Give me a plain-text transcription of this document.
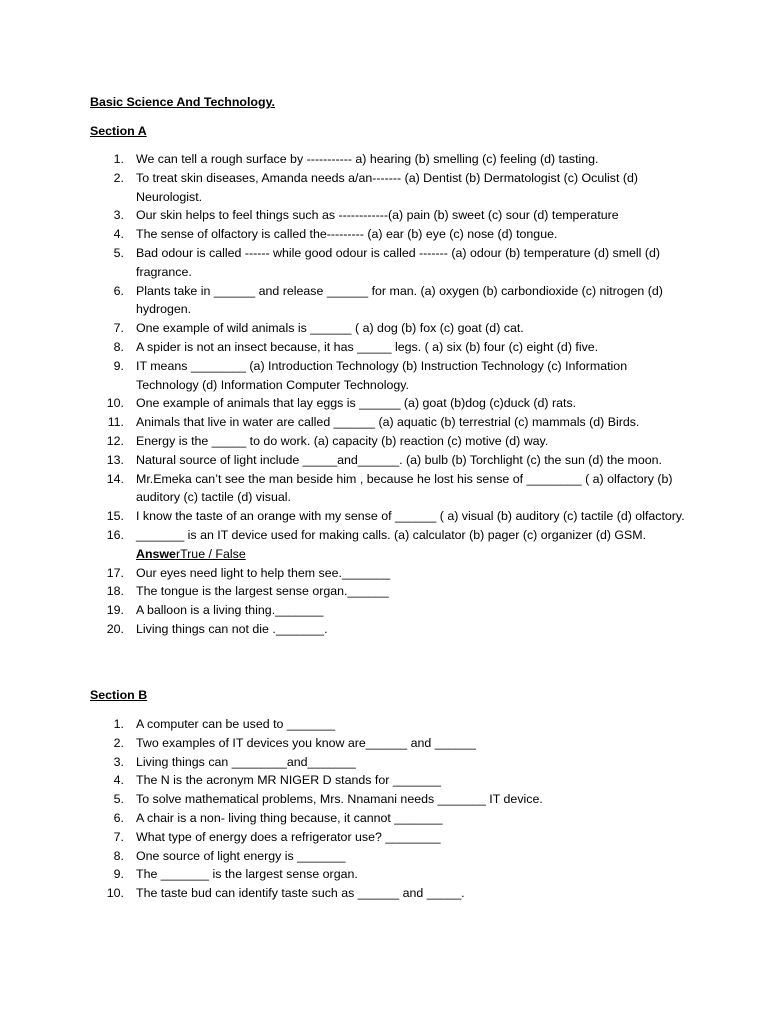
Basic Science And Technology.
Section A
1. We can tell a rough surface by ----------- a) hearing (b) smelling (c) feeling (d) tasting.
2. To treat skin diseases, Amanda needs a/an------- (a) Dentist (b) Dermatologist (c) Oculist (d) Neurologist.
3. Our skin helps to feel things such as ------------(a) pain (b) sweet (c) sour (d) temperature
4. The sense of olfactory is called the--------- (a) ear (b) eye (c) nose (d) tongue.
5. Bad odour is called ------ while good odour is called ------- (a) odour (b) temperature (d) smell (d) fragrance.
6. Plants take in ______ and release ______ for man. (a) oxygen (b) carbondioxide (c) nitrogen (d) hydrogen.
7. One example of wild animals is ______ ( a) dog (b) fox (c) goat (d) cat.
8. A spider is not an insect because, it has _____ legs. ( a) six (b) four (c) eight (d) five.
9. IT means ________ (a) Introduction Technology (b) Instruction Technology (c) Information Technology (d) Information Computer Technology.
10. One example of animals that lay eggs is ______ (a) goat (b)dog (c)duck (d) rats.
11. Animals that live in water are called ______ (a) aquatic (b) terrestrial (c) mammals (d) Birds.
12. Energy is the _____ to do work. (a) capacity (b) reaction (c) motive (d) way.
13. Natural source of light include _____and______. (a) bulb (b) Torchlight (c) the sun (d) the moon.
14. Mr.Emeka can’t see the man beside him , because he lost his sense of ________ ( a) olfactory (b) auditory (c) tactile (d) visual.
15. I know the taste of an orange with my sense of ______ ( a) visual (b) auditory (c) tactile (d) olfactory.
16. _______ is an IT device used for making calls. (a) calculator (b) pager (c) organizer (d) GSM.
AnswerTrue / False
17. Our eyes need light to help them see._______
18. The tongue is the largest sense organ.______
19. A balloon is a living thing._______
20. Living things can not die ._______.
Section B
1. A computer can be used to _______
2. Two examples of IT devices you know are______ and ______
3. Living things can ________and_______
4. The N is the acronym MR NIGER D stands for _______
5. To solve mathematical problems, Mrs. Nnamani needs _______ IT device.
6. A chair is a non- living thing because, it cannot _______
7. What type of energy does a refrigerator use? ________
8. One source of light energy is _______
9. The _______ is the largest sense organ.
10. The taste bud can identify taste such as ______ and _____.
